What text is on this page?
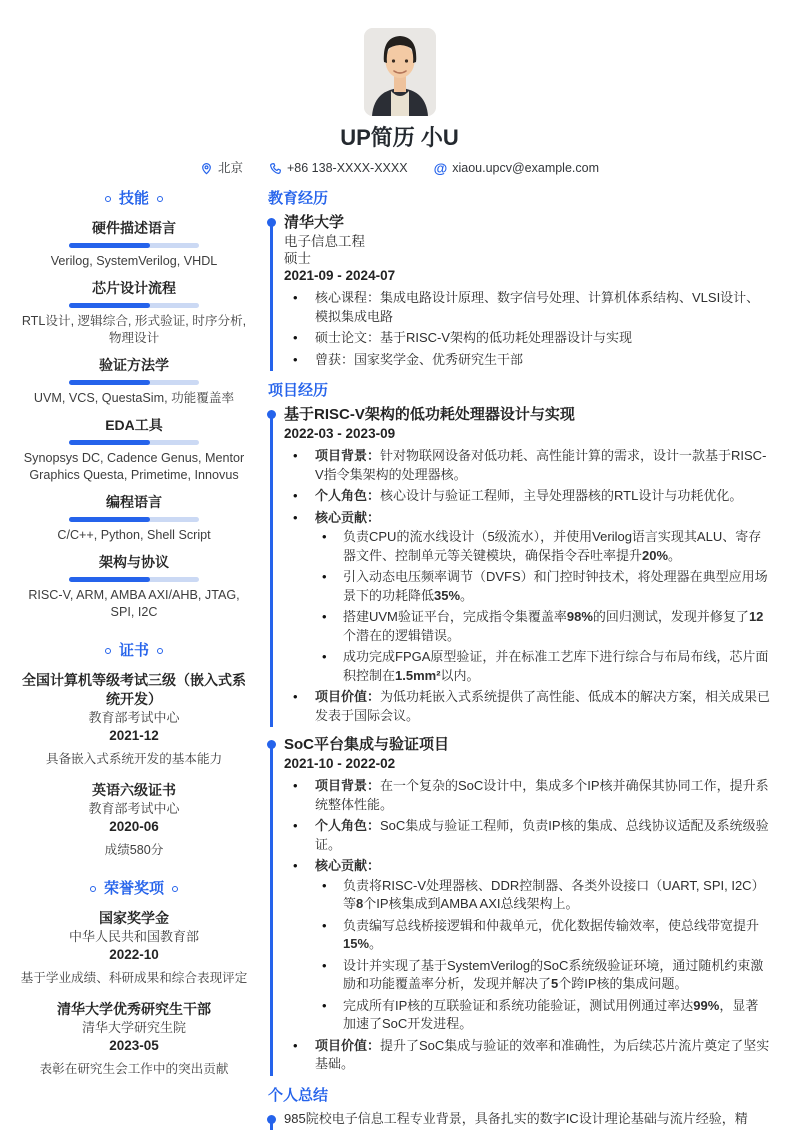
UP简历 小U
北京	+86 138-XXXX-XXXX @ xiaou.upcv@example.com
技能
硬件描述语言
Verilog, SystemVerilog, VHDL
芯片设计流程
RTL设计, 逻辑综合, 形式验证, 时序分析, 物理设计
验证方法学
UVM, VCS, QuestaSim, 功能覆盖率
EDA工具
Synopsys DC, Cadence Genus, Mentor Graphics Questa, Primetime, Innovus
编程语言
C/C++, Python, Shell Script
架构与协议
RISC-V, ARM, AMBA AXI/AHB, JTAG, SPI, I2C
证书
全国计算机等级考试三级（嵌入式系统开发）
教育部考试中心
2021-12
具备嵌入式系统开发的基本能力
英语六级证书
教育部考试中心
2020-06
成绩580分
荣誉奖项
国家奖学金
中华人民共和国教育部
2022-10
基于学业成绩、科研成果和综合表现评定
清华大学优秀研究生干部
清华大学研究生院
2023-05
表彰在研究生会工作中的突出贡献
教育经历
清华大学
电子信息工程
硕士
2021-09 - 2024-07
• 核心课程：集成电路设计原理、数字信号处理、计算机体系结构、VLSI设计、模拟集成电路
• 硕士论文：基于RISC-V架构的低功耗处理器设计与实现
• 曾获：国家奖学金、优秀研究生干部
项目经历
基于RISC-V架构的低功耗处理器设计与实现
2022-03 - 2023-09
• 项目背景：针对物联网设备对低功耗、高性能计算的需求，设计一款基于RISC-V指令集架构的处理器核。
• 个人角色：核心设计与验证工程师，主导处理器核的RTL设计与功耗优化。
• 核心贡献：
• 负责CPU的流水线设计（5级流水），并使用Verilog语言实现其ALU、寄存器文件、控制单元等关键模块，确保指令吞吐率提升20%。
• 引入动态电压频率调节（DVFS）和门控时钟技术，将处理器在典型应用场景下的功耗降低35%。
• 搭建UVM验证平台，完成指令集覆盖率98%的回归测试，发现并修复了12个潜在的逻辑错误。
• 成功完成FPGA原型验证，并在标准工艺库下进行综合与布局布线，芯片面积控制在1.5mm²以内。
• 项目价值：为低功耗嵌入式系统提供了高性能、低成本的解决方案，相关成果已发表于国际会议。
SoC平台集成与验证项目
2021-10 - 2022-02
• 项目背景：在一个复杂的SoC设计中，集成多个IP核并确保其协同工作，提升系统整体性能。
• 个人角色：SoC集成与验证工程师，负责IP核的集成、总线协议适配及系统级验证。
• 核心贡献：
• 负责将RISC-V处理器核、DDR控制器、各类外设接口（UART, SPI, I2C）等8个IP核集成到AMBA AXI总线架构上。
• 负责编写总线桥接逻辑和仲裁单元，优化数据传输效率，使总线带宽提升15%。
• 设计并实现了基于SystemVerilog的SoC系统级验证环境，通过随机约束激励和功能覆盖率分析，发现并解决了5个跨IP核的集成问题。
• 完成所有IP核的互联验证和系统功能验证，测试用例通过率达99%，显著加速了SoC开发进程。
• 项目价值：提升了SoC集成与验证的效率和准确性，为后续芯片流片奠定了坚实基础。
个人总结
985院校电子信息工程专业背景，具备扎实的数字IC设计理论基础与流片经验，精
